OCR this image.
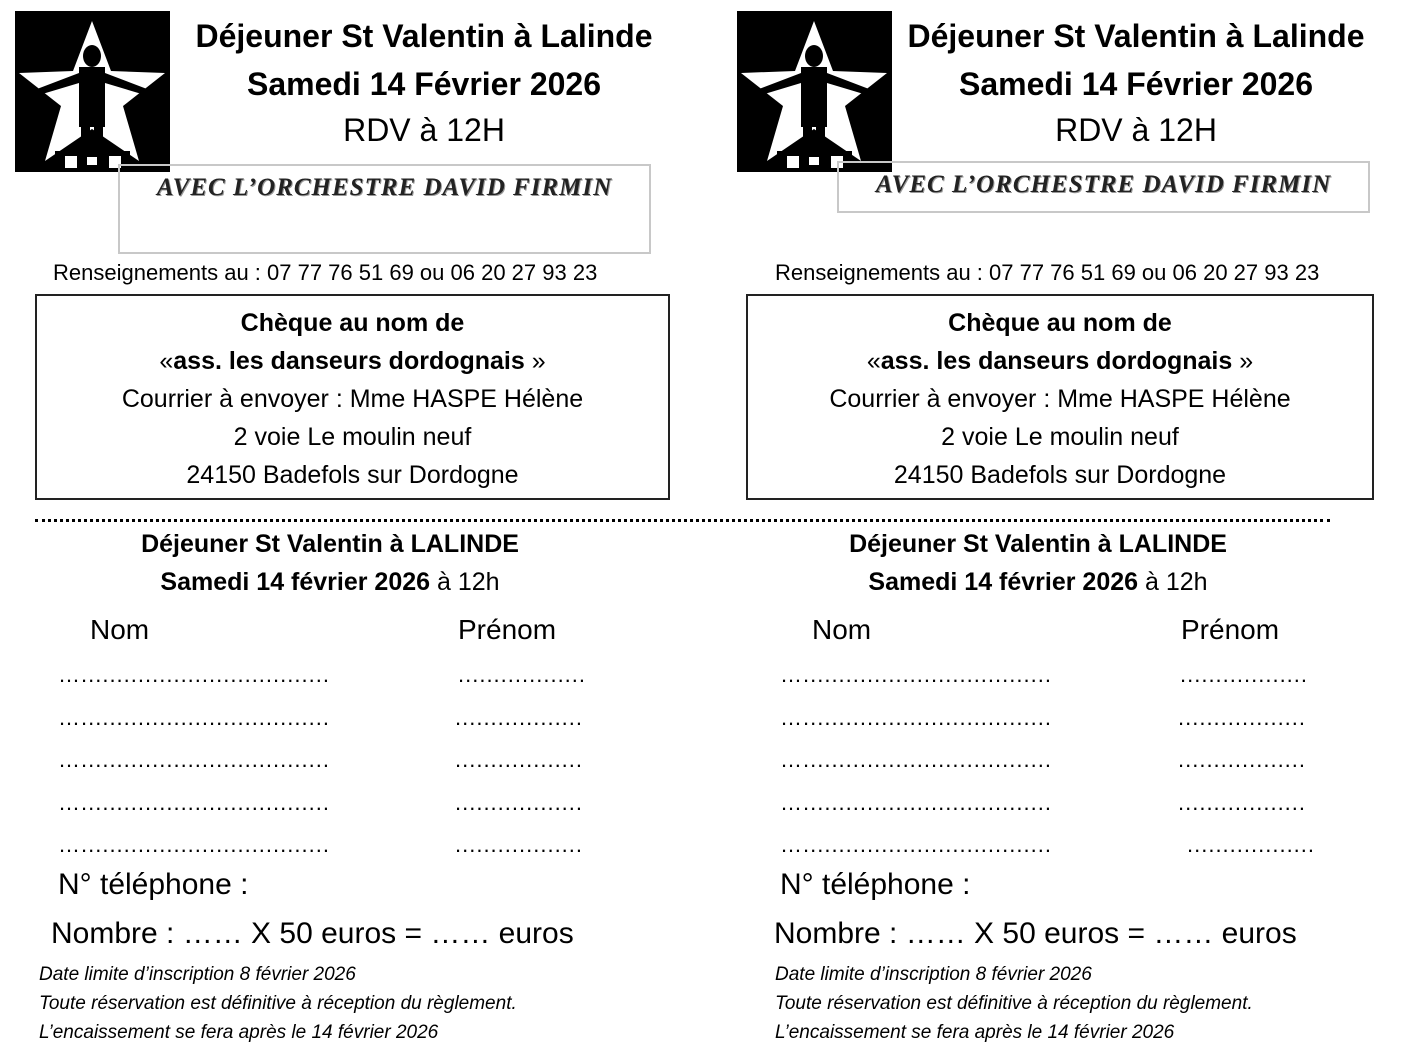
Déjeuner St Valentin à Lalinde
Samedi 14 Février 2026
RDV à 12H
AVEC L’ORCHESTRE DAVID FIRMIN
Renseignements au : 07 77 76 51 69 ou 06 20 27 93 23
Chèque au nom de
«ass. les danseurs dordognais »
Courrier à envoyer : Mme HASPE Hélène
2 voie Le moulin neuf
24150 Badefols sur Dordogne
Déjeuner St Valentin à Lalinde
Samedi 14 Février 2026
RDV à 12H
AVEC L’ORCHESTRE DAVID FIRMIN
Renseignements au : 07 77 76 51 69 ou 06 20 27 93 23
Chèque au nom de
«ass. les danseurs dordognais »
Courrier à envoyer : Mme HASPE Hélène
2 voie Le moulin neuf
24150 Badefols sur Dordogne
Déjeuner St Valentin à LALINDE
Samedi 14 février 2026 à 12h
Nom	Prénom
…...................................	..................
…...................................	..................
…...................................	..................
…...................................	..................
…...................................	..................
N° téléphone :
Nombre : …… X 50 euros = …… euros
Date limite d’inscription 8 février 2026
Toute réservation est définitive à réception du règlement.
L’encaissement se fera après le 14 février 2026
Déjeuner St Valentin à LALINDE
Samedi 14 février 2026 à 12h
Nom	Prénom
…...................................	..................
…...................................	..................
…...................................	..................
…...................................	..................
…...................................	..................
N° téléphone :
Nombre : …… X 50 euros = …… euros
Date limite d’inscription 8 février 2026
Toute réservation est définitive à réception du règlement.
L’encaissement se fera après le 14 février 2026
